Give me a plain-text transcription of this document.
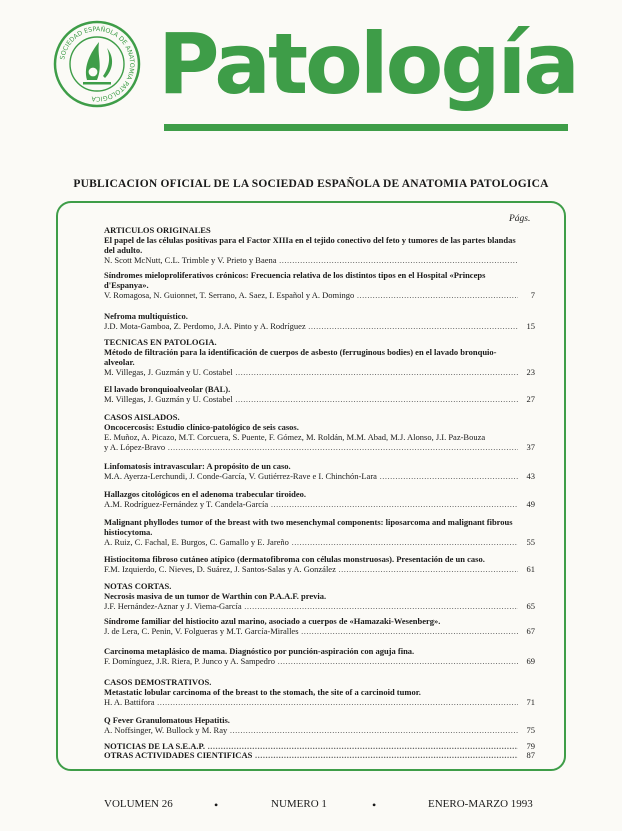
SOCIEDAD ESPAÑOLA DE ANATOMIA PATOLOGICA Patología
PUBLICACION OFICIAL DE LA SOCIEDAD ESPAÑOLA DE ANATOMIA PATOLOGICA
Págs.
ARTICULOS ORIGINALES
El papel de las células positivas para el Factor XIIIa en el tejido conectivo del feto y tumores de las partes blandas del adulto.
N. Scott McNutt, C.L. Trimble y V. Prieto y Baena .....
Síndromes mieloproliferativos crónicos: Frecuencia relativa de los distintos tipos en el Hospital «Princeps d'Espanya».
V. Romagosa, N. Guionnet, T. Serrano, A. Saez, I. Español y A. Domingo .....	7
Nefroma multiquístico.
J.D. Mota-Gamboa, Z. Perdomo, J.A. Pinto y A. Rodríguez .....	15
TECNICAS EN PATOLOGIA.
Método de filtración para la identificación de cuerpos de asbesto (ferruginous bodies) en el lavado bronquio-alveolar.
M. Villegas, J. Guzmán y U. Costabel .....	23
El lavado bronquioalveolar (BAL).
M. Villegas, J. Guzmán y U. Costabel .....	27
CASOS AISLADOS.
Oncocercosis: Estudio clínico-patológico de seis casos.
E. Muñoz, A. Picazo, M.T. Corcuera, S. Puente, F. Gómez, M. Roldán, M.M. Abad, M.J. Alonso, J.I. Paz-Bouza
y A. López-Bravo .....	37
Linfomatosis intravascular: A propósito de un caso.
M.A. Ayerza-Lerchundi, J. Conde-García, V. Gutiérrez-Rave e I. Chinchón-Lara .....	43
Hallazgos citológicos en el adenoma trabecular tiroideo.
A.M. Rodríguez-Fernández y T. Candela-García .....	49
Malignant phyllodes tumor of the breast with two mesenchymal components: liposarcoma and malignant fibrous histiocytoma.
A. Ruiz, C. Fachal, E. Burgos, C. Gamallo y E. Jareño .....	55
Histiocitoma fibroso cutáneo atípico (dermatofibroma con células monstruosas). Presentación de un caso.
F.M. Izquierdo, C. Nieves, D. Suárez, J. Santos-Salas y A. González .....	61
NOTAS CORTAS.
Necrosis masiva de un tumor de Warthin con P.A.A.F. previa.
J.F. Hernández-Aznar y J. Viema-García .....	65
Síndrome familiar del histiocito azul marino, asociado a cuerpos de «Hamazaki-Wesenberg».
J. de Lera, C. Penin, V. Folgueras y M.T. García-Miralles .....	67
Carcinoma metaplásico de mama. Diagnóstico por punción-aspiración con aguja fina.
F. Domínguez, J.R. Riera, P. Junco y A. Sampedro .....	69
CASOS DEMOSTRATIVOS.
Metastatic lobular carcinoma of the breast to the stomach, the site of a carcinoid tumor.
H. A. Battifora .....	71
Q Fever Granulomatous Hepatitis.
A. Noffsinger, W. Bullock y M. Ray .....	75
NOTICIAS DE LA S.E.A.P. .....	79
OTRAS ACTIVIDADES CIENTIFICAS .....	87
VOLUMEN 26	•	NUMERO 1	•	ENERO-MARZO 1993
